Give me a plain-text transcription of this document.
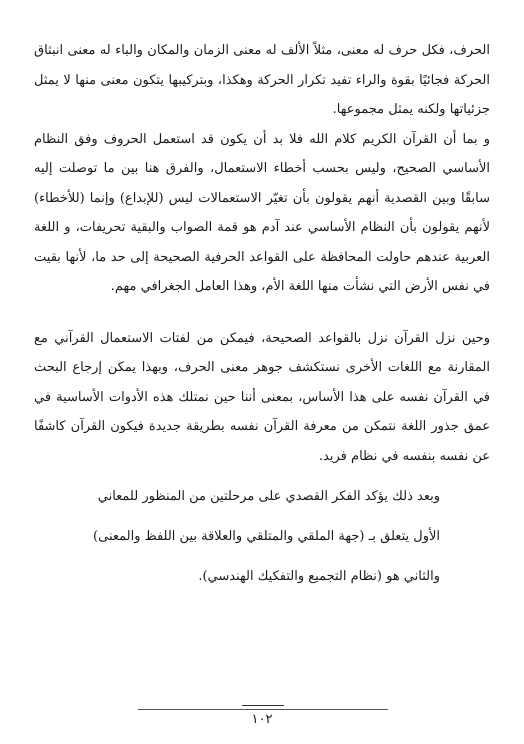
الحرف، فكل حرف له معنى، مثلاً الألف له معنى الزمان والمكان والباء له معنى انبثاق الحركة فجائيًا بقوة والراء تفيد تكرار الحركة وهكذا، وبتركيبها يتكون معنى منها لا يمثل جزئياتها ولكنه يمثل مجموعها.

و بما أن القرآن الكريم كلام الله فلا بد أن يكون قد استعمل الحروف وفق النظام الأساسي الصحيح، وليس بحسب أخطاء الاستعمال، والفرق هنا بين ما توصلت إليه سابقًا وبين القصدية أنهم يقولون بأن تغيّر الاستعمالات ليس (للإبداع) وإنما (للأخطاء) لأنهم يقولون بأن النظام الأساسي عند آدم هو قمة الصواب والبقية تحريفات، و اللغة العربية عندهم حاولت المحافظة على القواعد الحرفية الصحيحة إلى حد ما، لأنها بقيت في نفس الأرض التي نشأت منها اللغة الأم، وهذا العامل الجغرافي مهم.

وحين نزل القرآن نزل بالقواعد الصحيحة، فيمكن من لفتات الاستعمال القرآني مع المقارنة مع اللغات الأخرى نستكشف جوهر معنى الحرف، وبهذا يمكن إرجاع البحث في القرآن نفسه على هذا الأساس، بمعنى أننا حين نمتلك هذه الأدوات الأساسية في عمق جذور اللغة نتمكن من معرفة القرآن نفسه بطريقة جديدة فيكون القرآن كاشفًا عن نفسه بنفسه في نظام فريد.

وبعد ذلك يؤكد الفكر القصدي على مرحلتين من المنظور للمعاني

الأول يتعلق بـ (جهة الملقي والمتلقي والعلاقة بين اللفظ والمعنى)

والثاني هو (نظام التجميع والتفكيك الهندسي).

١٠٢
